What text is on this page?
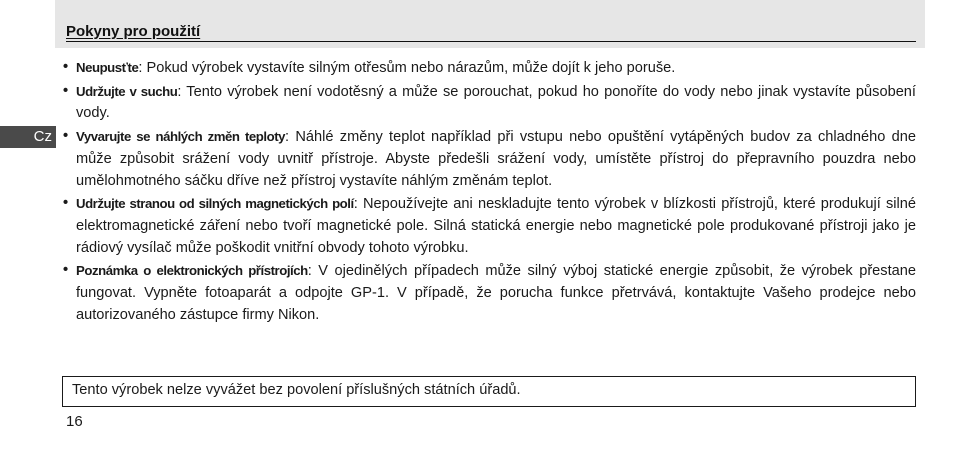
Pokyny pro použití
Cz
• Neupusťte: Pokud výrobek vystavíte silným otřesům nebo nárazům, může dojít k jeho poruše.
• Udržujte v suchu: Tento výrobek není vodotěsný a může se porouchat, pokud ho ponoříte do vody nebo jinak vystavíte působení vody.
• Vyvarujte se náhlých změn teploty: Náhlé změny teplot například při vstupu nebo opuštění vytápěných budov za chladného dne může způsobit srážení vody uvnitř přístroje. Abyste předešli srážení vody, umístěte přístroj do přepravního pouzdra nebo umělohmotného sáčku dříve než přístroj vystavíte náhlým změnám teplot.
• Udržujte stranou od silných magnetických polí: Nepoužívejte ani neskladujte tento výrobek v blízkosti přístrojů, které produkují silné elektromagnetické záření nebo tvoří magnetické pole. Silná statická energie nebo magnetické pole produkované přístroji jako je rádiový vysílač může poškodit vnitřní obvody tohoto výrobku.
• Poznámka o elektronických přístrojích: V ojedinělých případech může silný výboj statické energie způsobit, že výrobek přestane fungovat. Vypněte fotoaparát a odpojte GP-1. V případě, že porucha funkce přetrvává, kontaktujte Vašeho prodejce nebo autorizovaného zástupce firmy Nikon.
Tento výrobek nelze vyvážet bez povolení příslušných státních úřadů.
16
